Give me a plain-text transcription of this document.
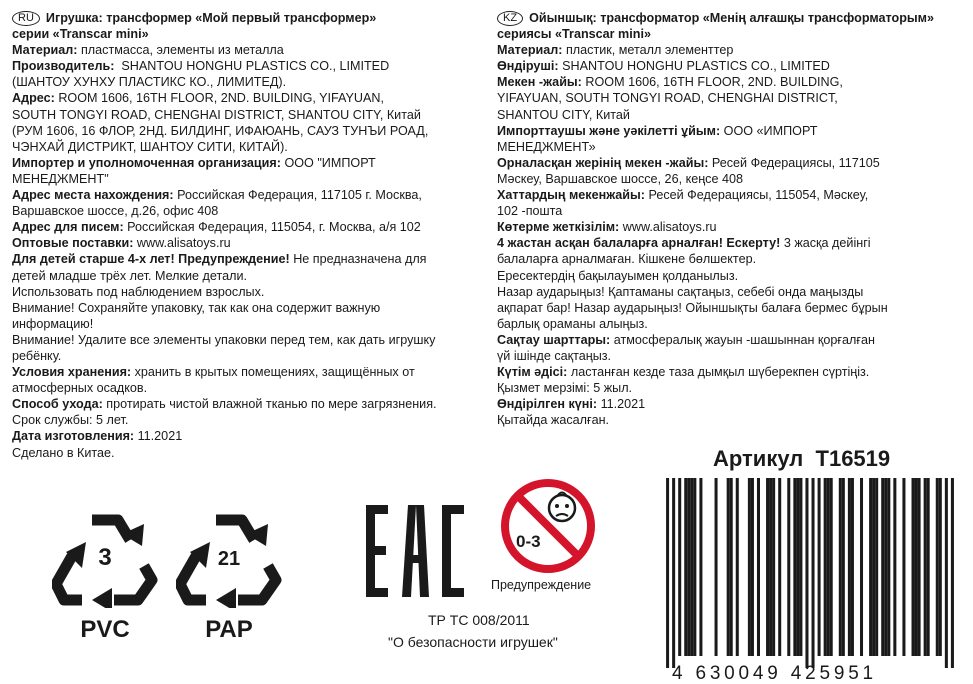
RU Игрушка: трансформер «Мой первый трансформер»

серии «Transcar mini»

Материал: пластмасса, элементы из металла

Производитель: SHANTOU HONGHU PLASTICS CO., LIMITED

(ШАНТОУ ХУНХУ ПЛАСТИКС КО., ЛИМИТЕД).

Адрес: ROOM 1606, 16TH FLOOR, 2ND. BUILDING, YIFAYUAN,

SOUTH TONGYI ROAD, CHENGHAI DISTRICT, SHANTOU CITY, Китай

(РУМ 1606, 16 ФЛОР, 2НД. БИЛДИНГ, ИФАЮАНЬ, САУЗ ТУНЪИ РОАД,

ЧЭНХАЙ ДИСТРИКТ, ШАНТОУ СИТИ, КИТАЙ).

Импортер и уполномоченная организация: ООО "ИМПОРТ

МЕНЕДЖМЕНТ"

Адрес места нахождения: Российская Федерация, 117105 г. Москва,

Варшавское шоссе, д.26, офис 408

Адрес для писем: Российская Федерация, 115054, г. Москва, а/я 102

Оптовые поставки: www.alisatoys.ru

Для детей старше 4-х лет! Предупреждение! Не предназначена для

детей младше трёх лет. Мелкие детали.

Использовать под наблюдением взрослых.

Внимание! Сохраняйте упаковку, так как она содержит важную

информацию!

Внимание! Удалите все элементы упаковки перед тем, как дать игрушку

ребёнку.

Условия хранения: хранить в крытых помещениях, защищённых от

атмосферных осадков.

Способ ухода: протирать чистой влажной тканью по мере загрязнения.

Срок службы: 5 лет.

Дата изготовления: 11.2021

Сделано в Китае.

KZ Ойыншық: трансформатор «Менің алғашқы трансформаторым»

сериясы «Transcar mini»

Материал: пластик, металл элементтер

Өндіруші: SHANTOU HONGHU PLASTICS CO., LIMITED

Мекен -жайы: ROOM 1606, 16TH FLOOR, 2ND. BUILDING,

YIFAYUAN, SOUTH TONGYI ROAD, CHENGHAI DISTRICT,

SHANTOU CITY, Китай

Импорттаушы және уәкілетті ұйым: ООО «ИМПОРТ

МЕНЕДЖМЕНТ»

Орналасқан жерінің мекен -жайы: Ресей Федерациясы, 117105

Мәскеу, Варшавское шоссе, 26, кеңсе 408

Хаттардың мекенжайы: Ресей Федерациясы, 115054, Мәскеу,

102 -пошта

Көтерме жеткізілім: www.alisatoys.ru

4 жастан асқан балаларға арналған! Ескерту! 3 жасқа дейінгі

балаларға арналмаған. Кішкене бөлшектер.

Ересектердің бақылауымен қолданылыз.

Назар аударыңыз! Қаптаманы сақтаңыз, себебі онда маңызды

ақпарат бар! Назар аударыңыз! Ойыншықты балаға бермес бұрын

барлық ораманы алыңыз.

Сақтау шарттары: атмосфералық жауын -шашыннан қорғалған

үй ішінде сақтаңыз.

Күтім әдісі: ластанған кезде таза дымқыл шүберекпен сүртіңіз.

Қызмет мерзімі: 5 жыл.

Өндірілген күні: 11.2021

Қытайда жасалған.

3
PVC
21
PAP	ТР ТС 008/2011
"О безопасности игрушек"
0-3
Предупреждение
Артикул T16519
4 630049 425951
